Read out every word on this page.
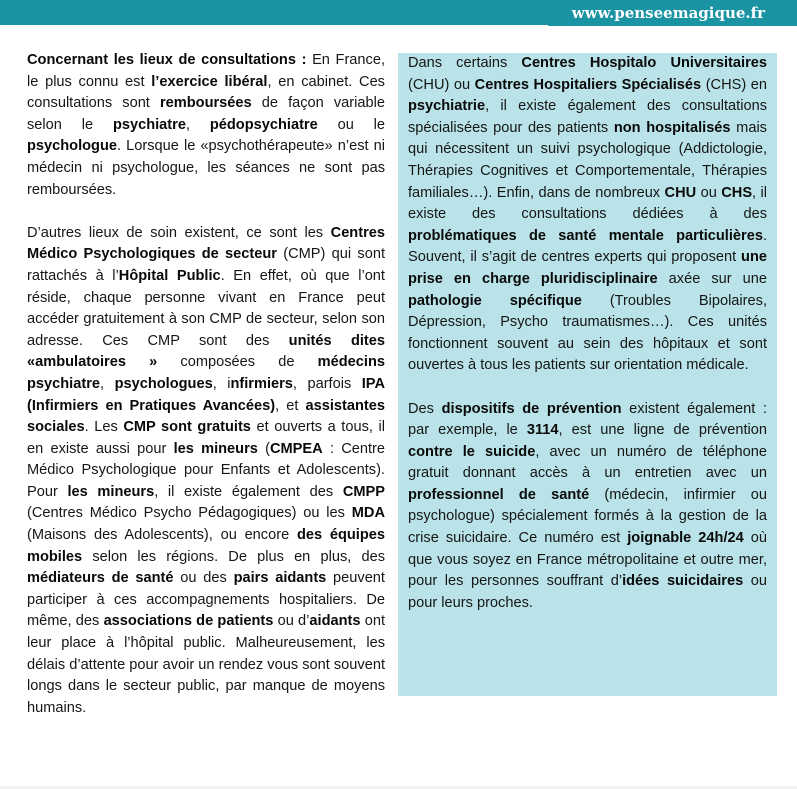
www.penseemagique.fr

Concernant les lieux de consultations : En France, le plus connu est l’exercice libéral, en cabinet. Ces consultations sont remboursées de façon variable selon le psychiatre, pédopsychiatre ou le psychologue. Lorsque le «psychothérapeute» n’est ni médecin ni psychologue, les séances ne sont pas remboursées.

D’autres lieux de soin existent, ce sont les Centres Médico Psychologiques de secteur (CMP) qui sont rattachés à l’Hôpital Public. En effet, où que l’ont réside, chaque personne vivant en France peut accéder gratuitement à son CMP de secteur, selon son adresse. Ces CMP sont des unités dites «ambulatoires » composées de médecins psychiatre, psychologues, infirmiers, parfois IPA (Infirmiers en Pratiques Avancées), et assistantes sociales. Les CMP sont gratuits et ouverts a tous, il en existe aussi pour les mineurs (CMPEA : Centre Médico Psychologique pour Enfants et Adolescents). Pour les mineurs, il existe également des CMPP (Centres Médico Psycho Pédagogiques) ou les MDA (Maisons des Adolescents), ou encore des équipes mobiles selon les régions. De plus en plus, des médiateurs de santé ou des pairs aidants peuvent participer à ces accompagnements hospitaliers. De même, des associations de patients ou d’aidants ont leur place à l’hôpital public. Malheureusement, les délais d’attente pour avoir un rendez vous sont souvent longs dans le secteur public, par manque de moyens humains.

Dans certains Centres Hospitalo Universitaires (CHU) ou Centres Hospitaliers Spécialisés (CHS) en psychiatrie, il existe également des consultations spécialisées pour des patients non hospitalisés mais qui nécessitent un suivi psychologique (Addictologie, Thérapies Cognitives et Comportementale, Thérapies familiales…). Enfin, dans de nombreux CHU ou CHS, il existe des consultations dédiées à des problématiques de santé mentale particulières. Souvent, il s’agit de centres experts qui proposent une prise en charge pluridisciplinaire axée sur une pathologie spécifique (Troubles Bipolaires, Dépression, Psycho traumatismes…). Ces unités fonctionnent souvent au sein des hôpitaux et sont ouvertes à tous les patients sur orientation médicale.

Des dispositifs de prévention existent également : par exemple, le 3114, est une ligne de prévention contre le suicide, avec un numéro de téléphone gratuit donnant accès à un entretien avec un professionnel de santé (médecin, infirmier ou psychologue) spécialement formés à la gestion de la crise suicidaire. Ce numéro est joignable 24h/24 où que vous soyez en France métropolitaine et outre mer, pour les personnes souffrant d’idées suicidaires ou pour leurs proches.
